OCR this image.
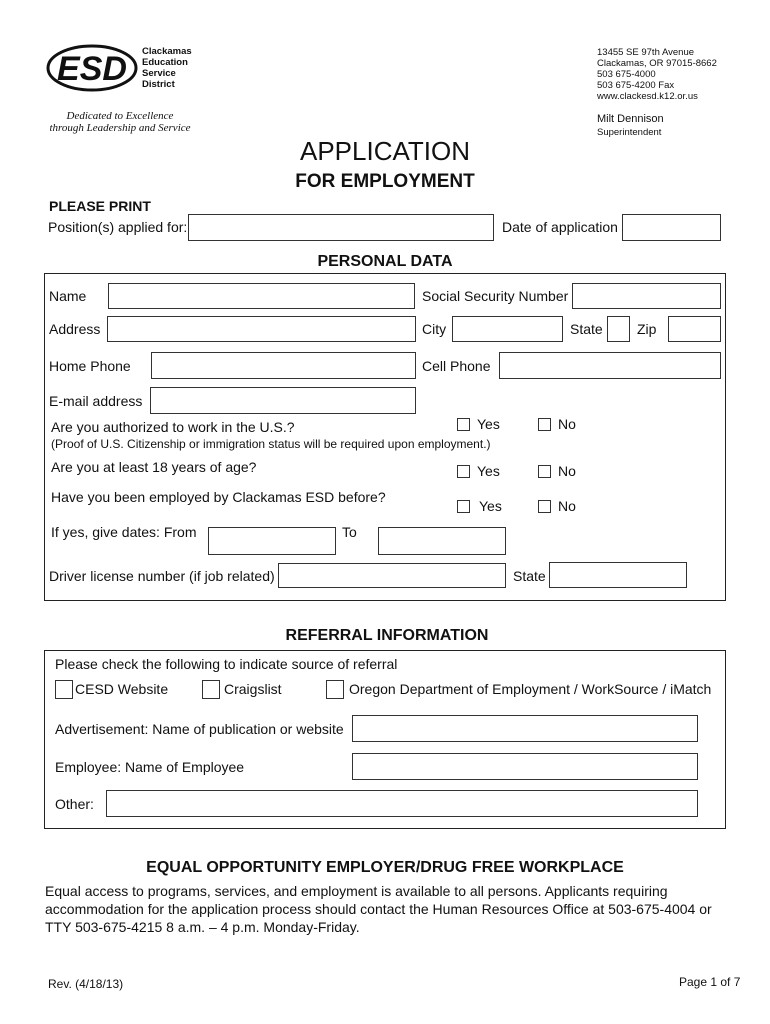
ESD Clackamas
Education
Service
District
Dedicated to Excellence
through Leadership and Service
13455 SE 97th Avenue
Clackamas, OR 97015-8662
503 675-4000
503 675-4200 Fax
www.clackesd.k12.or.us
Milt Dennison
Superintendent
APPLICATION
FOR EMPLOYMENT
PLEASE PRINT
Position(s) applied for:	Date of application
PERSONAL DATA
Name	Social Security Number
Address	City	State Zip
Home Phone	Cell Phone
E-mail address
Are you authorized to work in the U.S.?	Yes	No
(Proof of U.S. Citizenship or immigration status will be required upon employment.)
Are you at least 18 years of age?	Yes	No
Have you been employed by Clackamas ESD before?
Yes	No
If yes, give dates: From	To
Driver license number (if job related)	State
REFERRAL INFORMATION
Please check the following to indicate source of referral
CESD Website	Craigslist	Oregon Department of Employment / WorkSource / iMatch
Advertisement: Name of publication or website
Employee: Name of Employee
Other:
EQUAL OPPORTUNITY EMPLOYER/DRUG FREE WORKPLACE
Equal access to programs, services, and employment is available to all persons. Applicants requiring
accommodation for the application process should contact the Human Resources Office at 503-675-4004 or
TTY 503-675-4215 8 a.m. – 4 p.m. Monday-Friday.
Rev. (4/18/13)	Page 1 of 7
